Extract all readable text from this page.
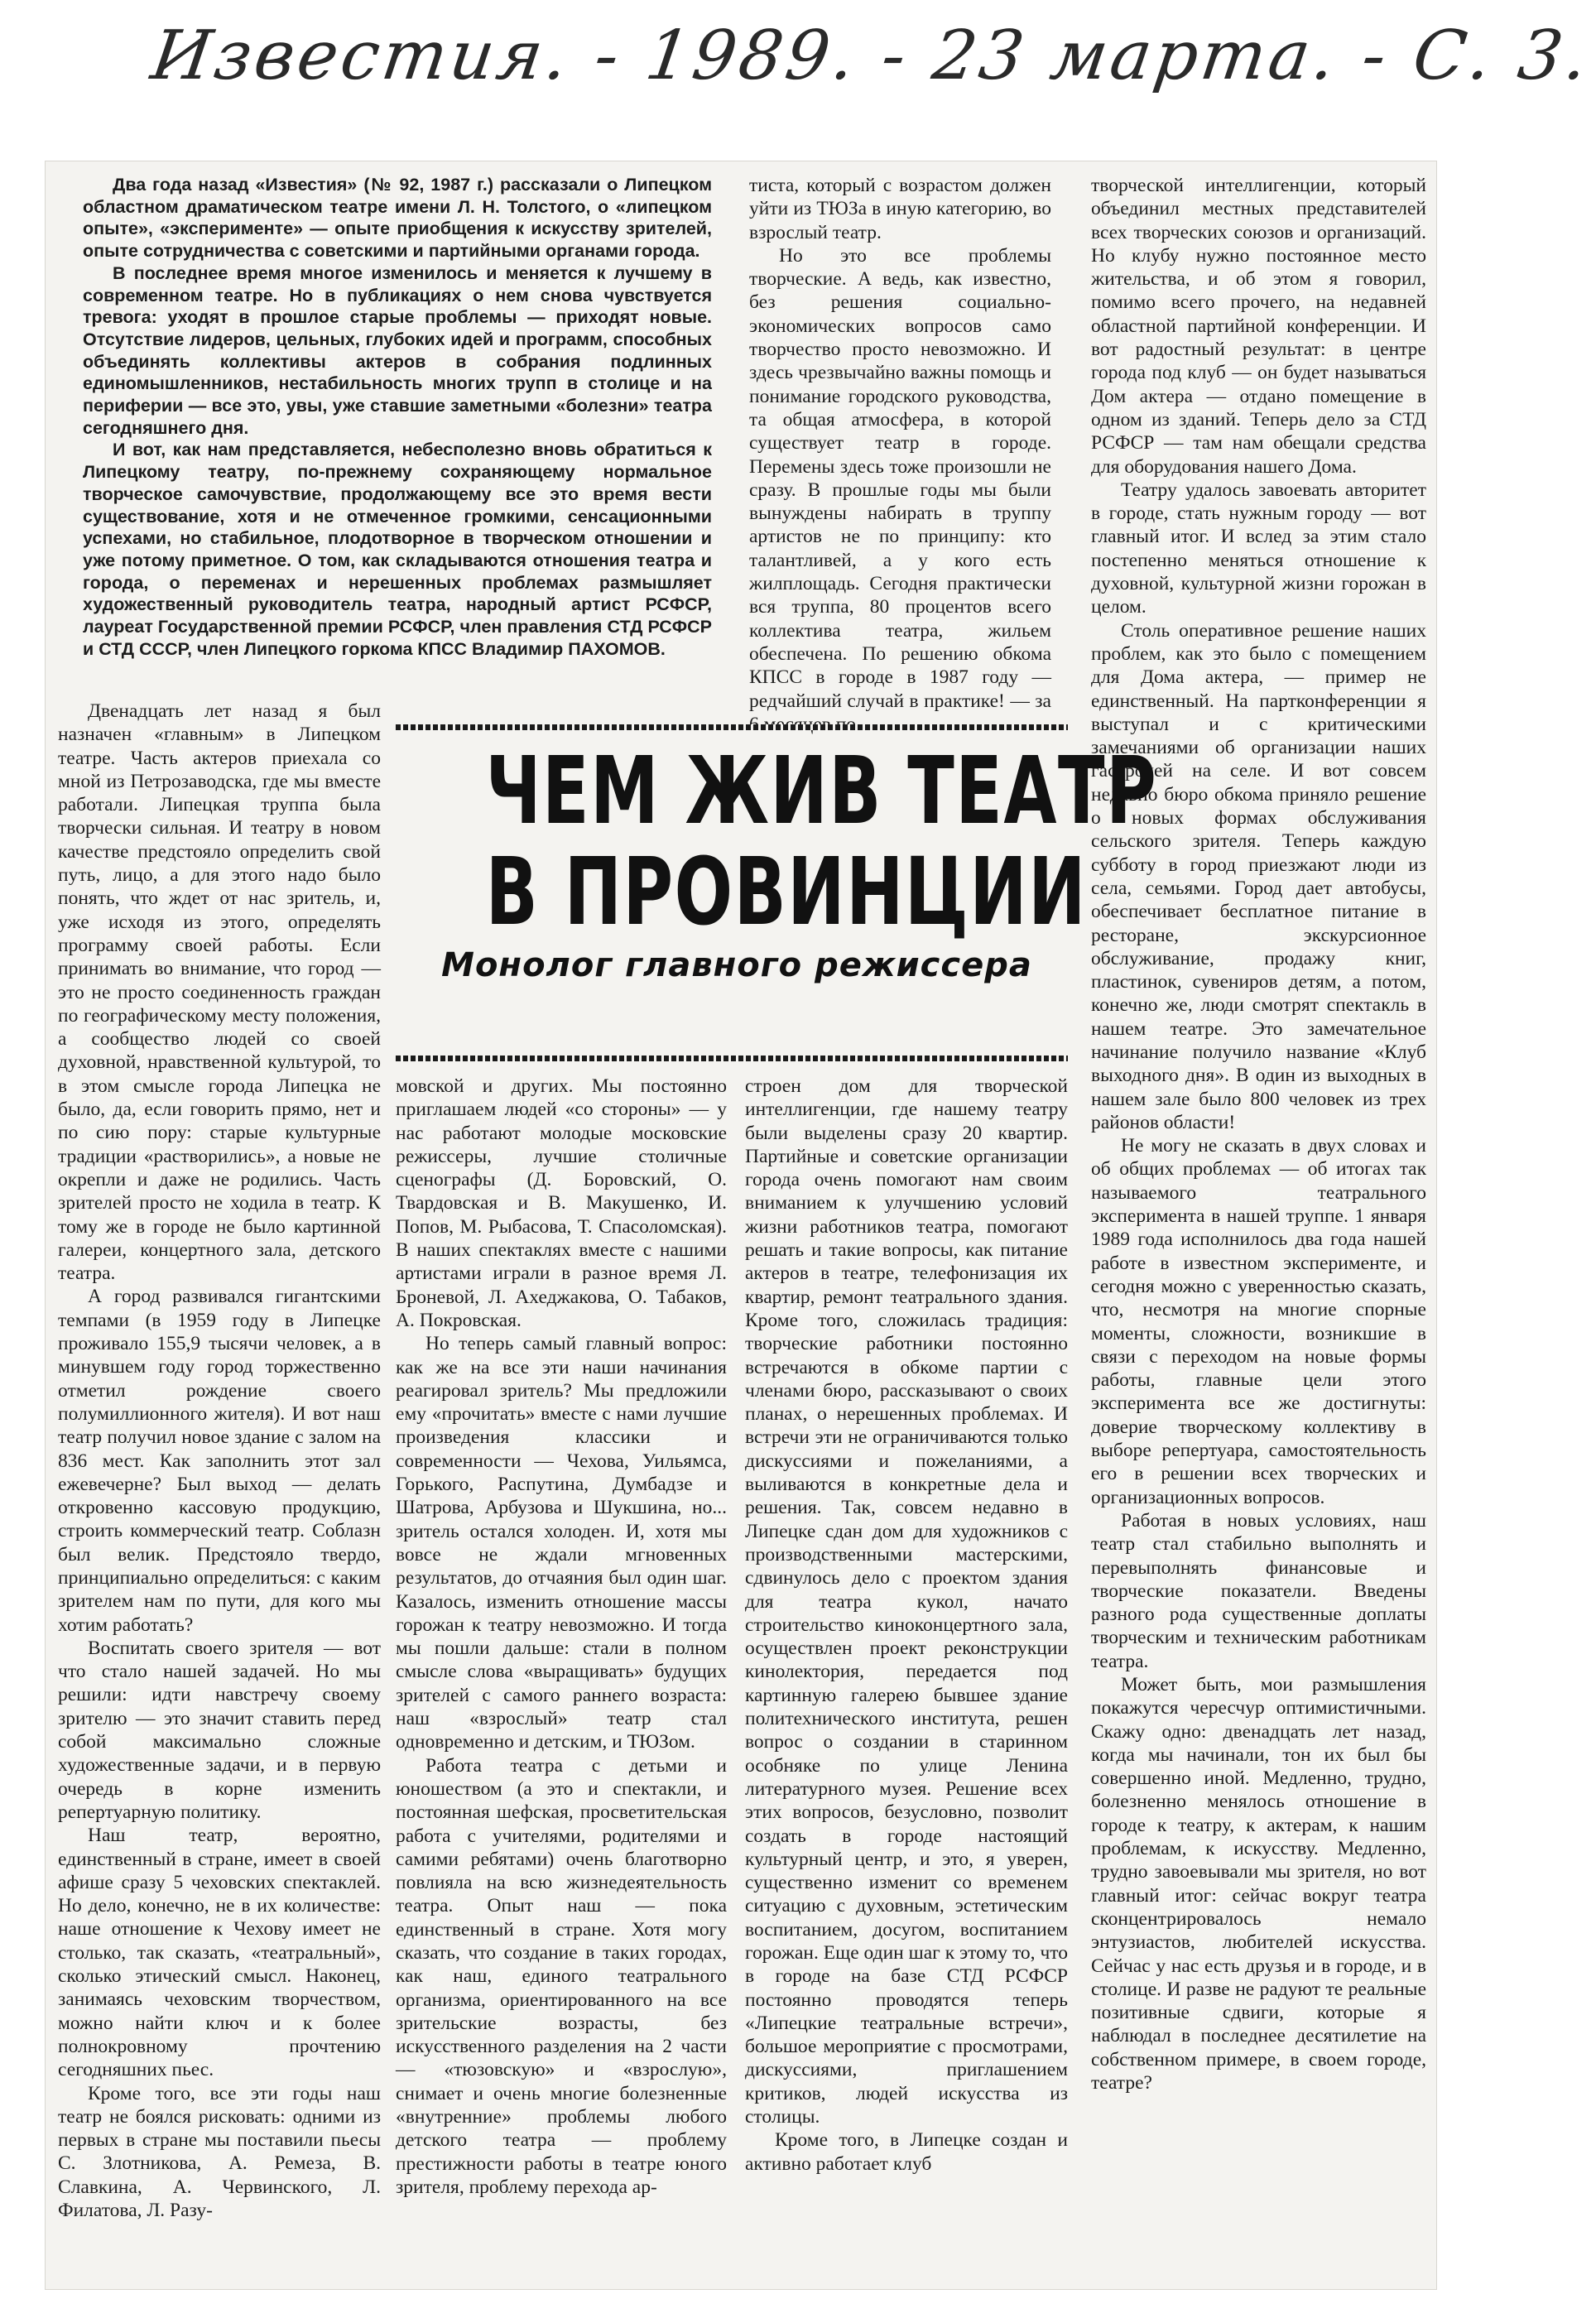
Известия. - 1989. - 23 марта. - С. 3.

Два года назад «Известия» (№ 92, 1987 г.) рассказали о Липецком областном драматическом театре имени Л. Н. Толстого, о «липецком опыте», «эксперименте» — опыте приобщения к искусству зрителей, опыте сотрудничества с советскими и партийными органами города.

В последнее время многое изменилось и меняется к лучшему в современном театре. Но в публикациях о нем снова чувствуется тревога: уходят в прошлое старые проблемы — приходят новые. Отсутствие лидеров, цельных, глубоких идей и программ, способных объединять коллективы актеров в собрания подлинных единомышленников, нестабильность многих трупп в столице и на периферии — все это, увы, уже ставшие заметными «болезни» театра сегодняшнего дня.

И вот, как нам представляется, небесполезно вновь обратиться к Липецкому театру, по-прежнему сохраняющему нормальное творческое самочувствие, продолжающему все это время вести существование, хотя и не отмеченное громкими, сенсационными успехами, но стабильное, плодотворное в творческом отношении и уже потому приметное. О том, как складываются отношения театра и города, о переменах и нерешенных проблемах размышляет художественный руководитель театра, народный артист РСФСР, лауреат Государственной премии РСФСР, член правления СТД РСФСР и СТД СССР, член Липецкого горкома КПСС Владимир ПАХОМОВ.

тиста, который с возрастом должен уйти из ТЮЗа в иную категорию, во взрослый театр.

Но это все проблемы творческие. А ведь, как известно, без решения социально-экономических вопросов само творчество просто невозможно. И здесь чрезвычайно важны помощь и понимание городского руководства, та общая атмосфера, в которой существует театр в городе. Перемены здесь тоже произошли не сразу. В прошлые годы мы были вынуждены набирать в труппу артистов не по принципу: кто талантливей, а у кого есть жилплощадь. Сегодня практически вся труппа, 80 процентов всего коллектива театра, жильем обеспечена. По решению обкома КПСС в городе в 1987 году — редчайший случай в практике! — за

творческой интеллигенции, который объединил местных представителей всех творческих союзов и организаций. Но клубу нужно постоянное место жительства, и об этом я говорил, помимо всего прочего, на недавней областной партийной конференции. И вот радостный результат: в центре города под клуб — он будет называться Дом актера — отдано помещение в одном из зданий. Теперь дело за СТД РСФСР — там нам обещали средства для оборудования нашего Дома.

Театру удалось завоевать авторитет в городе, стать нужным городу — вот главный итог. И вслед за этим стало постепенно меняться отношение к духовной, культурной жизни горожан в целом.

Столь оперативное решение наших проблем, как это было с помещением для Дома актера, — пример не единственный. На партконференции я выступал и с критическими замечаниями об организации наших гастролей на селе. И вот совсем недавно бюро обкома приняло решение о новых формах обслуживания сельского зрителя. Теперь каждую субботу в город приезжают люди из села, семьями. Город дает автобусы, обеспечивает бесплатное питание в ресторане, экскурсионное обслуживание, продажу книг, пластинок, сувениров детям, а потом, конечно же, люди смотрят спектакль в нашем театре. Это замечательное начинание получило название «Клуб выходного дня». В один из выходных в нашем зале было 800 человек из трех районов области!

Не могу не сказать в двух словах и об общих проблемах — об итогах так называемого театрального эксперимента в нашей труппе. 1 января 1989 года исполнилось два года нашей работе в известном эксперименте, и сегодня можно с уверенностью сказать, что, несмотря на многие спорные моменты, сложности, возникшие в связи с переходом на новые формы работы, главные цели этого эксперимента все же достигнуты: доверие творческому коллективу в выборе репертуара, самостоятельность его в решении всех творческих и организационных вопросов.

Работая в новых условиях, наш театр стал стабильно выполнять и перевыполнять финансовые и творческие показатели. Введены разного рода существенные доплаты творческим и техническим работникам театра.

Может быть, мои размышления покажутся чересчур оптимистичными. Скажу одно: двенадцать лет назад, когда мы начинали, тон их был бы совершенно иной. Медленно, трудно, болезненно менялось отношение в городе к театру, к актерам, к нашим проблемам, к искусству. Медленно, трудно завоевывали мы зрителя, но вот главный итог: сейчас вокруг театра сконцентрировалось немало энтузиастов, любителей искусства. Сейчас у нас есть друзья и в городе, и в столице. И разве не радуют те реальные позитивные сдвиги, которые я наблюдал в последнее десятилетие на собственном примере, в своем городе, театре?

ЧЕМ ЖИВ ТЕАТР
В ПРОВИНЦИИ
Монолог главного режиссера

Двенадцать лет назад я был назначен «главным» в Липецком театре. Часть актеров приехала со мной из Петрозаводска, где мы вместе работали. Липецкая труппа была творчески сильная. И театру в новом качестве предстояло определить свой путь, лицо, а для этого надо было понять, что ждет от нас зритель, и, уже исходя из этого, определять программу своей работы. Если принимать во внимание, что город — это не просто соединенность граждан по географическому месту положения, а сообщество людей со своей духовной, нравственной культурой, то в этом смысле города Липецка не было, да, если говорить прямо, нет и по сию пору: старые культурные традиции «растворились», а новые не окрепли и даже не родились. Часть зрителей просто не ходила в театр. К тому же в городе не было картинной галереи, концертного зала, детского театра.

А город развивался гигантскими темпами (в 1959 году в Липецке проживало 155,9 тысячи человек, а в минувшем году город торжественно отметил рождение своего полумиллионного жителя). И вот наш театр получил новое здание с залом на 836 мест. Как заполнить этот зал ежевечерне? Был выход — делать откровенно кассовую продукцию, строить коммерческий театр. Соблазн был велик. Предстояло твердо, принципиально определиться: с каким зрителем нам по пути, для кого мы хотим работать?

Воспитать своего зрителя — вот что стало нашей задачей. Но мы решили: идти навстречу своему зрителю — это значит ставить перед собой максимально сложные художественные задачи, и в первую очередь в корне изменить репертуарную политику.

Наш театр, вероятно, единственный в стране, имеет в своей афише сразу 5 чеховских спектаклей. Но дело, конечно, не в их количестве: наше отношение к Чехову имеет не столько, так сказать, «театральный», сколько этический смысл. Наконец, занимаясь чеховским творчеством, можно найти ключ и к более полнокровному прочтению сегодняшних пьес.

Кроме того, все эти годы наш театр не боялся рисковать: одними из первых в стране мы поставили пьесы С. Злотникова, А. Ремеза, В. Славкина, А. Червинского, Л. Филатова, Л. Разу-

мовской и других. Мы постоянно приглашаем людей «со стороны» — у нас работают молодые московские режиссеры, лучшие столичные сценографы (Д. Боровский, О. Твардовская и В. Макушенко, И. Попов, М. Рыбасова, Т. Спасоломская). В наших спектаклях вместе с нашими артистами играли в разное время Л. Броневой, Л. Ахеджакова, О. Табаков, А. Покровская.

Но теперь самый главный вопрос: как же на все эти наши начинания реагировал зритель? Мы предложили ему «прочитать» вместе с нами лучшие произведения классики и современности — Чехова, Уильямса, Горького, Распутина, Думбадзе и Шатрова, Арбузова и Шукшина, но... зритель остался холоден. И, хотя мы вовсе не ждали мгновенных результатов, до отчаяния был один шаг. Казалось, изменить отношение массы горожан к театру невозможно. И тогда мы пошли дальше: стали в полном смысле слова «выращивать» будущих зрителей с самого раннего возраста: наш «взрослый» театр стал одновременно и детским, и ТЮЗом.

Работа театра с детьми и юношеством (а это и спектакли, и постоянная шефская, просветительская работа с учителями, родителями и самими ребятами) очень благотворно повлияла на всю жизнедеятельность театра. Опыт наш — пока единственный в стране. Хотя могу сказать, что создание в таких городах, как наш, единого театрального организма, ориентированного на все зрительские возрасты, без искусственного разделения на 2 части — «тюзовскую» и «взрослую», снимает и очень многие болезненные «внутренние» проблемы любого детского театра — проблему престижности работы в театре юного зрителя, проблему перехода ар-

строен дом для творческой интеллигенции, где нашему театру были выделены сразу 20 квартир. Партийные и советские организации города очень помогают нам своим вниманием к улучшению условий жизни работников театра, помогают решать и такие вопросы, как питание актеров в театре, телефонизация их квартир, ремонт театрального здания. Кроме того, сложилась традиция: творческие работники постоянно встречаются в обкоме партии с членами бюро, рассказывают о своих планах, о нерешенных проблемах. И встречи эти не ограничиваются только дискуссиями и пожеланиями, а выливаются в конкретные дела и решения. Так, совсем недавно в Липецке сдан дом для художников с производственными мастерскими, сдвинулось дело с проектом здания для театра кукол, начато строительство киноконцертного зала, осуществлен проект реконструкции кинолектория, передается под картинную галерею бывшее здание политехнического института, решен вопрос о создании в старинном особняке по улице Ленина литературного музея. Решение всех этих вопросов, безусловно, позволит создать в городе настоящий культурный центр, и это, я уверен, существенно изменит со временем ситуацию с духовным, эстетическим воспитанием, досугом, воспитанием горожан. Еще один шаг к этому то, что в городе на базе СТД РСФСР постоянно проводятся теперь «Липецкие театральные встречи», большое мероприятие с просмотрами, дискуссиями, приглашением критиков, людей искусства из столицы.

Кроме того, в Липецке создан и активно работает клуб
